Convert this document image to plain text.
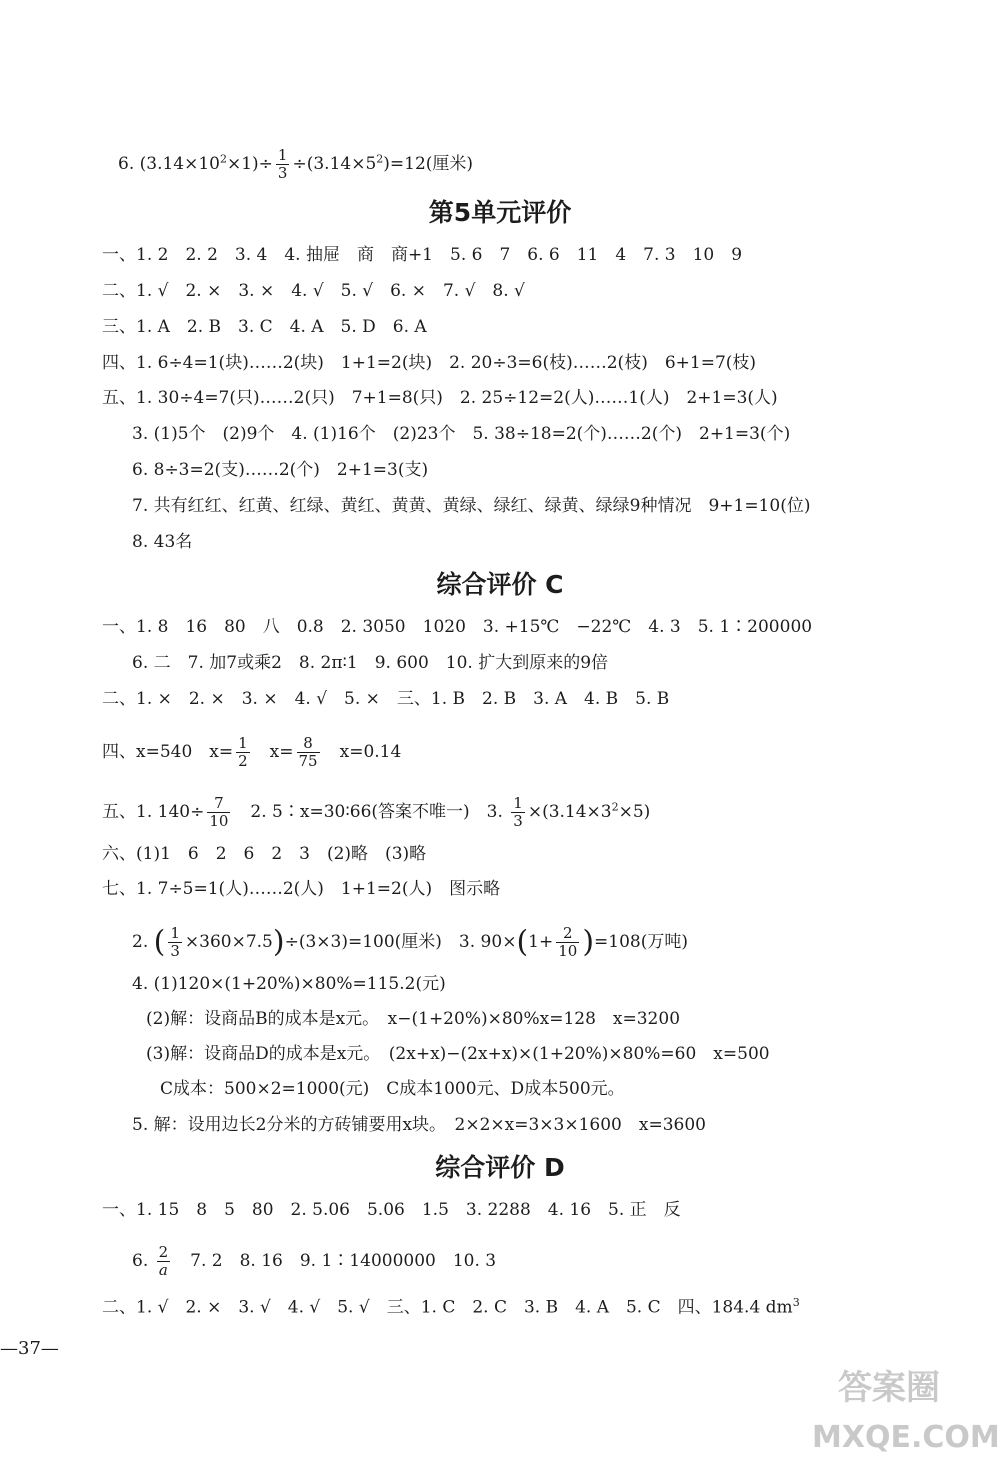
6. $(3.14\times 10^2\times 1)\div \frac{1}{3} \div(3.14\times 5^2)=12$(厘米)
第5单元评价
一、1. 2　2. 2　3. 4　4. 抽屉　商　商+1　5. 6　7　6. 6　11　4　7. 3　10　9
二、1. √　2. ×　3. ×　4. √　5. √　6. ×　7. √　8. √
三、1. A　2. B　3. C　4. A　5. D　6. A
四、1. 6÷4=1(块)……2(块)　1+1=2(块)　2. 20÷3=6(枝)……2(枝)　6+1=7(枝)
五、1. 30÷4=7(只)……2(只)　7+1=8(只)　2. 25÷12=2(人)……1(人)　2+1=3(人)
3. (1)5个　(2)9个　4. (1)16个　(2)23个　5. 38÷18=2(个)……2(个)　2+1=3(个)
6. 8÷3=2(支)……2(个)　2+1=3(支)
7. 共有红红、红黄、红绿、黄红、黄黄、黄绿、绿红、绿黄、绿绿9种情况　9+1=10(位)
8. 43名
综合评价 C
一、1. 8　16　80　八　0.8　2. 3050　1020　3. +15℃　−22℃　4. 3　5. 1∶200000
6. 二　7. 加7或乘2　8. 2π∶1　9. 600　10. 扩大到原来的9倍
二、1. ×　2. ×　3. ×　4. √　5. ×　三、1. B　2. B　3. A　4. B　5. B
四、x=540　$x= \frac{1}{2}$ 　$x= \frac{8}{75}$ 　x=0.14
五、1. $140\div \frac{7}{10}$ 　2. 5∶x=30∶66(答案不唯一)　3. $\frac{1}{3} \times(3.14\times 3^2\times 5)$
六、(1)1　6　2　6　2　3　(2)略　(3)略
七、1. 7÷5=1(人)……2(人)　1+1=2(人)　图示略
2. ( $\frac{1}{3} \times 360\times 7.5)\div(3\times 3)=100$(厘米)　3. $90\times(1+ \frac{2}{10} )=108$(万吨)
4. (1)120×(1+20%)×80%=115.2(元)
(2)解：设商品B的成本是x元。　x−(1+20%)×80%x=128　x=3200
(3)解：设商品D的成本是x元。　(2x+x)−(2x+x)×(1+20%)×80%=60　x=500
C成本：500×2=1000(元)　C成本1000元、D成本500元。
5. 解：设用边长2分米的方砖铺要用x块。　2×2×x=3×3×1600　x=3600
综合评价 D
一、1. 15　8　5　80　2. 5.06　5.06　1.5　3. 2288　4. 16　5. 正　反
6. $\frac{2}{a}$ 　7. 2　8. 16　9. 1∶14000000　10. 3
二、1. √　2. ×　3. √　4. √　5. √　三、1. C　2. C　3. B　4. A　5. C　四、184.4 $dm^3$
—37—
答案圈
MXQE.COM
